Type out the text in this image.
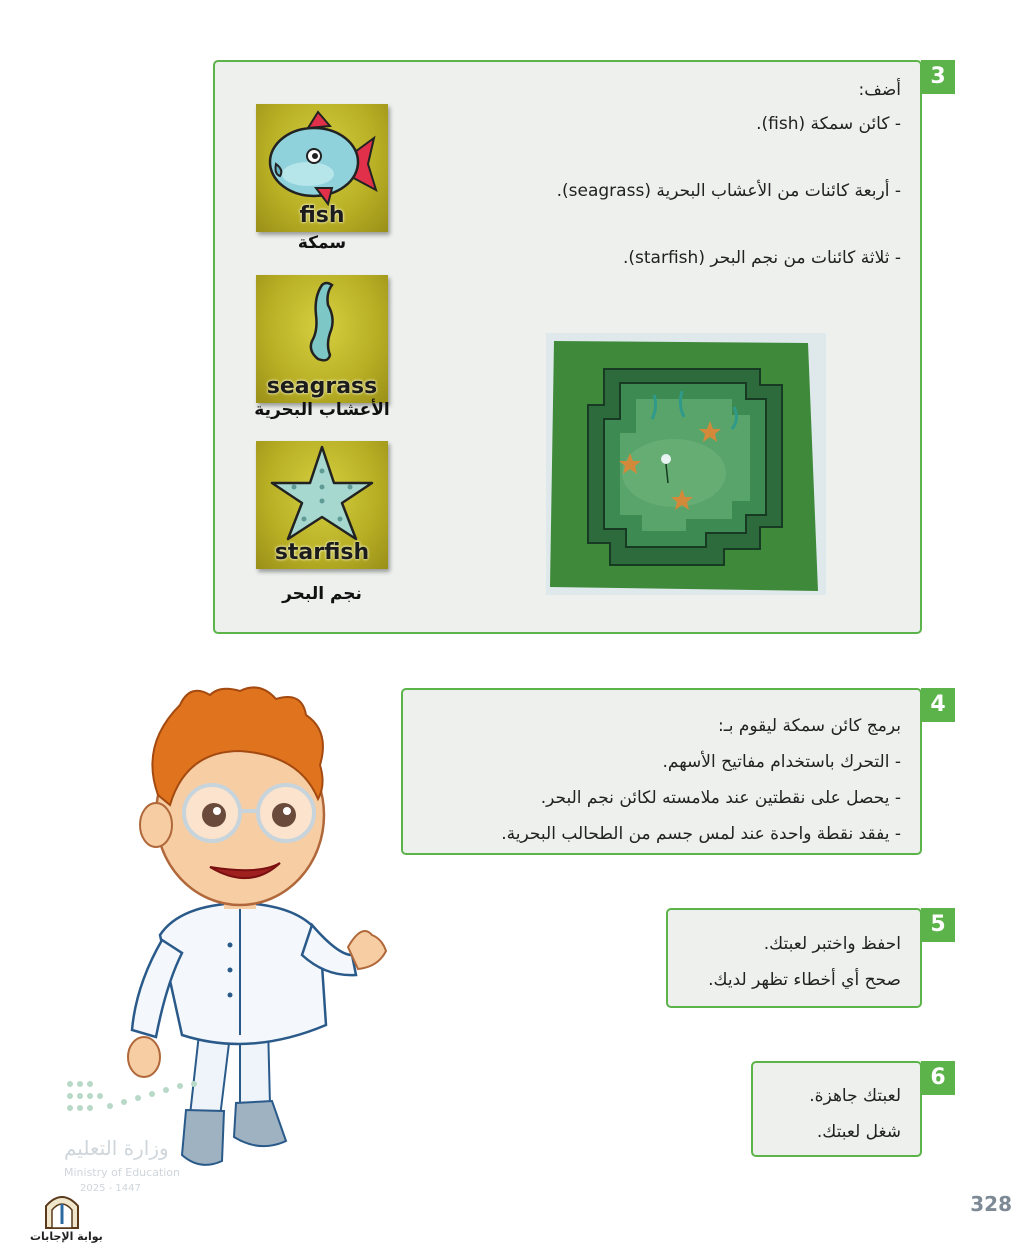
3
أضف:
- كائن سمكة (fish).
- أربعة كائنات من الأعشاب البحرية (seagrass).
- ثلاثة كائنات من نجم البحر (starfish).
fish
سمكة
seagrass
الأعشاب البحرية
starfish
نجم البحر
4
برمج كائن سمكة ليقوم بـ:
- التحرك باستخدام مفاتيح الأسهم.
- يحصل على نقطتين عند ملامسته لكائن نجم البحر.
- يفقد نقطة واحدة عند لمس جسم من الطحالب البحرية.
5
احفظ واختبر لعبتك.
صحح أي أخطاء تظهر لديك.
6
لعبتك جاهزة.
شغل لعبتك.
وزارة التعليم
Ministry of Education
2025 - 1447
بوابة الإجابات
328
